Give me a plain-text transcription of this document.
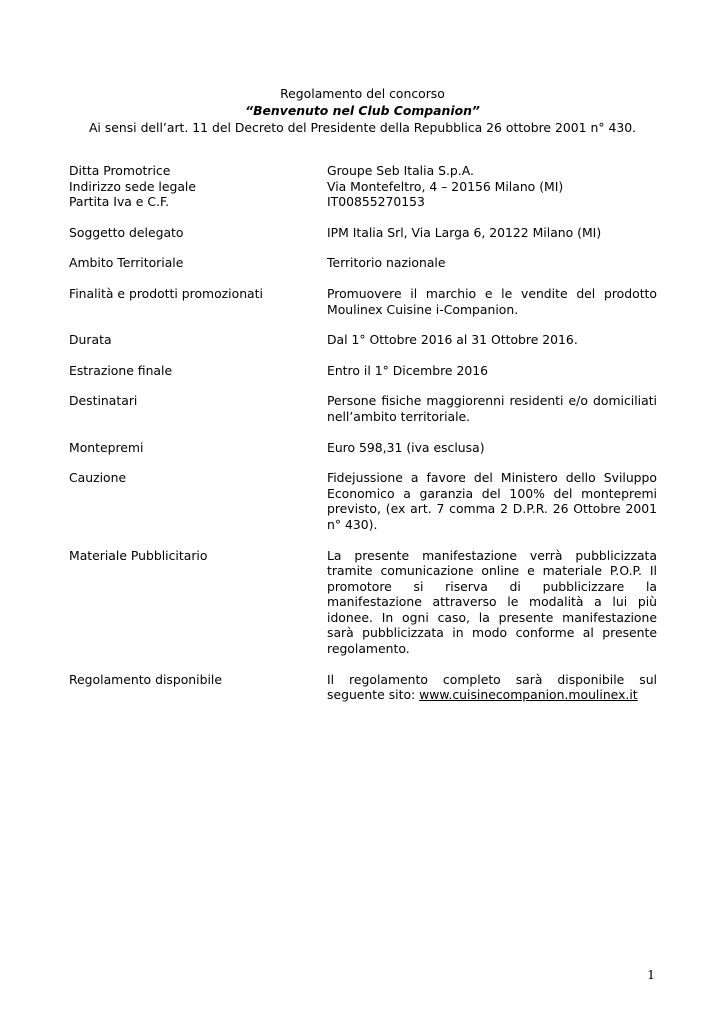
Regolamento del concorso
“Benvenuto nel Club Companion”
Ai sensi dell’art. 11 del Decreto del Presidente della Repubblica 26 ottobre 2001 n° 430.
Ditta Promotrice	Groupe Seb Italia S.p.A.
Indirizzo sede legale	Via Montefeltro, 4 – 20156 Milano (MI)
Partita Iva e C.F.	IT00855270153
Soggetto delegato	IPM Italia Srl, Via Larga 6, 20122 Milano (MI)
Ambito Territoriale	Territorio nazionale
Finalità e prodotti promozionati	Promuovere il marchio e le vendite del prodotto Moulinex Cuisine i-Companion.
Durata	Dal 1° Ottobre 2016 al 31 Ottobre 2016.
Estrazione finale	Entro il 1° Dicembre 2016
Destinatari	Persone fisiche maggiorenni residenti e/o domiciliati nell’ambito territoriale.
Montepremi	Euro 598,31 (iva esclusa)
Cauzione	Fidejussione a favore del Ministero dello Sviluppo Economico a garanzia del 100% del montepremi previsto, (ex art. 7 comma 2 D.P.R. 26 Ottobre 2001 n° 430).
Materiale Pubblicitario	La presente manifestazione verrà pubblicizzata tramite comunicazione online e materiale P.O.P. Il promotore si riserva di pubblicizzare la manifestazione attraverso le modalità a lui più idonee. In ogni caso, la presente manifestazione sarà pubblicizzata in modo conforme al presente regolamento.
Regolamento disponibile	Il regolamento completo sarà disponibile sul seguente sito: www.cuisinecompanion.moulinex.it
1
